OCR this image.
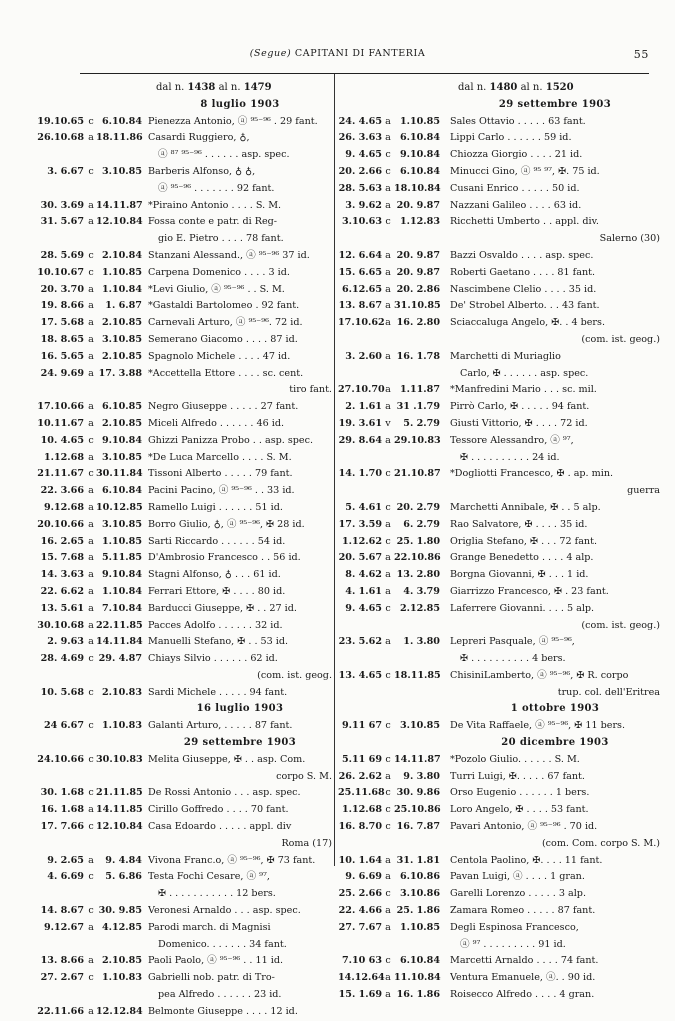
(Segue) CAPITANI DI FANTERIA	55
dal n. 1438 al n. 1479
8 luglio 1903
19.10.65 c 6.10.84 Pienezza Antonio, ⓐ ⁹⁵⁻⁹⁶ . 29 fant.
26.10.68 a 18.11.86 Casardi Ruggiero, ♁,
ⓐ ⁸⁷ ⁹⁵⁻⁹⁶ . . . . . . asp. spec.
3. 6.67 c 3.10.85 Barberis Alfonso, ♁ ♁,
ⓐ ⁹⁵⁻⁹⁶ . . . . . . . 92 fant.
30. 3.69 a 14.11.87 *Piraino Antonio . . . . S. M.
31. 5.67 a 12.10.84 Fossa conte e patr. di Reg-
gio E. Pietro . . . . 78 fant.
28. 5.69 c 2.10.84 Stanzani Alessand., ⓐ ⁹⁵⁻⁹⁶ 37 id.
10.10.67 c 1.10.85 Carpena Domenico . . . . 3 id.
20. 3.70 a 1.10.84 *Levi Giulio, ⓐ ⁹⁵⁻⁹⁶ . . S. M.
19. 8.66 a	1. 6.87 *Gastaldi Bartolomeo . 92 fant.
17. 5.68 a 2.10.85 Carnevali Arturo, ⓐ ⁹⁵⁻⁹⁶. 72 id.
18. 8.65 a 3.10.85 Semerano Giacomo . . . . 87 id.
16. 5.65 a 2.10.85 Spagnolo Michele . . . . 47 id.
24. 9.69 a 17. 3.88 *Accettella Ettore . . . . sc. cent.
tiro fant.
17.10.66 a 6.10.85 Negro Giuseppe . . . . . 27 fant.
10.11.67 a 2.10.85 Miceli Alfredo . . . . . . 46 id.
10. 4.65 c 9.10.84 Ghizzi Panizza Probo . . asp. spec.
1.12.68 a 3.10.85 *De Luca Marcello . . . . S. M.
21.11.67 c 30.11.84 Tissoni Alberto . . . . . 79 fant.
22. 3.66 a 6.10.84 Pacini Pacino, ⓐ ⁹⁵⁻⁹⁶ . . 33 id.
9.12.68 a 10.12.85 Ramello Luigi . . . . . . 51 id.
20.10.66 a 3.10.85 Borro Giulio, ♁, ⓐ ⁹⁵⁻⁹⁶, ✠ 28 id.
16. 2.65 a 1.10.85 Sarti Riccardo . . . . . . 54 id.
15. 7.68 a 5.11.85 D'Ambrosio Francesco . . 56 id.
14. 3.63 a 9.10.84 Stagni Alfonso, ♁ . . . 61 id.
22. 6.62 a 1.10.84 Ferrari Ettore, ✠ . . . . 80 id.
13. 5.61 a 7.10.84 Barducci Giuseppe, ✠ . . 27 id.
30.10.68 a 22.11.85 Pacces Adolfo . . . . . . 32 id.
2. 9.63 a 14.11.84 Manuelli Stefano, ✠ . . 53 id.
28. 4.69 c 29. 4.87 Chiays Silvio . . . . . . 62 id.
(com. ist. geog.
10. 5.68 c 2.10.83 Sardi Michele . . . . . 94 fant.
16 luglio 1903
24 6.67 c 1.10.83 Galanti Arturo, . . . . . 87 fant.
29 settembre 1903
24.10.66 c 30.10.83 Melita Giuseppe, ✠ . . asp. Com.
corpo S. M.
30. 1.68 c 21.11.85 De Rossi Antonio . . . asp. spec.
16. 1.68 a 14.11.85 Cirillo Goffredo . . . . 70 fant.
17. 7.66 c 12.10.84 Casa Edoardo . . . . . appl. div
Roma (17)
9. 2.65 a	9. 4.84 Vivona Franc.o, ⓐ ⁹⁵⁻⁹⁶, ✠ 73 fant.
4. 6.69 c	5. 6.86 Testa Fochi Cesare, ⓐ ⁹⁷,
✠ . . . . . . . . . . . 12 bers.
14. 8.67 c 30. 9.85 Veronesi Arnaldo . . . asp. spec.
9.12.67 a 4.12.85 Parodi march. di Magnisi
Domenico. . . . . . . 34 fant.
13. 8.66 a 2.10.85 Paoli Paolo, ⓐ ⁹⁵⁻⁹⁶ . . 11 id.
27. 2.67 c 1.10.83 Gabrielli nob. patr. di Tro-
pea Alfredo . . . . . . 23 id.
22.11.66 a 12.12.84 Belmonte Giuseppe . . . . 12 id.
dal n. 1480 al n. 1520
29 settembre 1903
24. 4.65 a 1.10.85 Sales Ottavio . . . . . 63 fant.
26. 3.63 a 6.10.84 Lippi Carlo . . . . . . 59 id.
9. 4.65 c 9.10.84 Chiozza Giorgio . . . . 21 id.
20. 2.66 c 6.10.84 Minucci Gino, ⓐ ⁹⁵ ⁹⁷, ✠. 75 id.
28. 5.63 a 18.10.84 Cusani Enrico . . . . . 50 id.
3. 9.62 a 20. 9.87 Nazzani Galileo . . . . 63 id.
3.10.63 c 1.12.83 Ricchetti Umberto . . appl. div.
Salerno (30)
12. 6.64 a 20. 9.87 Bazzi Osvaldo . . . . asp. spec.
15. 6.65 a 20. 9.87 Roberti Gaetano . . . . 81 fant.
6.12.65 a 20. 2.86 Nascimbene Clelio . . . . 35 id.
13. 8.67 a 31.10.85 De' Strobel Alberto. . . 43 fant.
17.10.62 a 16. 2.80 Sciaccaluga Angelo, ✠. . 4 bers.
(com. ist. geog.)
3. 2.60 a 16. 1.78 Marchetti di Muriaglio
Carlo, ✠ . . . . . . asp. spec.
27.10.70 a 1.11.87 *Manfredini Mario . . . sc. mil.
2. 1.61 a 31 .1.79 Pirrò Carlo, ✠ . . . . . 94 fant.
19. 3.61 v	5. 2.79 Giusti Vittorio, ✠ . . . . 72 id.
29. 8.64 a 29.10.83 Tessore Alessandro, ⓐ ⁹⁷,
✠ . . . . . . . . . . 24 id.
14. 1.70 c 21.10.87 *Dogliotti Francesco, ✠ . ap. min.
guerra
5. 4.61 c 20. 2.79 Marchetti Annibale, ✠ . . 5 alp.
17. 3.59 a	6. 2.79 Rao Salvatore, ✠ . . . . 35 id.
1.12.62 c 25. 1.80 Origlia Stefano, ✠ . . . 72 fant.
20. 5.67 a 22.10.86 Grange Benedetto . . . . 4 alp.
8. 4.62 a 13. 2.80 Borgna Giovanni, ✠ . . . 1 id.
4. 1.61 a	4. 3.79 Giarrizzo Francesco, ✠ . 23 fant.
9. 4.65 c 2.12.85 Laferrere Giovanni. . . . 5 alp.
(com. ist. geog.)
23. 5.62 a	1. 3.80 Lepreri Pasquale, ⓐ ⁹⁵⁻⁹⁶,
✠ . . . . . . . . . . 4 bers.
13. 4.65 c 18.11.85 ChisiniLamberto, ⓐ ⁹⁵⁻⁹⁶, ✠ R. corpo
trup. col. dell'Eritrea
1 ottobre 1903
9.11 67 c 3.10.85 De Vita Raffaele, ⓐ ⁹⁵⁻⁹⁶, ✠ 11 bers.
20 dicembre 1903
5.11 69 c 14.11.87 *Pozolo Giulio. . . . . . S. M.
26. 2.62 a	9. 3.80 Turri Luigi, ✠. . . . . 67 fant.
25.11.68 c 30. 9.86 Orso Eugenio . . . . . . 1 bers.
1.12.68 c 25.10.86 Loro Angelo, ✠ . . . . 53 fant.
16. 8.70 c 16. 7.87 Pavari Antonio, ⓐ ⁹⁵⁻⁹⁶ . 70 id.
(com. Com. corpo S. M.)
10. 1.64 a 31. 1.81 Centola Paolino, ✠. . . . 11 fant.
9. 6.69 a 6.10.86 Pavan Luigi, ⓐ . . . . 1 gran.
25. 2.66 c 3.10.86 Garelli Lorenzo . . . . . 3 alp.
22. 4.66 a 25. 1.86 Zamara Romeo . . . . . 87 fant.
27. 7.67 a 1.10.85 Degli Espinosa Francesco,
ⓐ ⁹⁷ . . . . . . . . . 91 id.
7.10 63 c 6.10.84 Marcetti Arnaldo . . . . 74 fant.
14.12.64 a 11.10.84 Ventura Emanuele, ⓐ. . 90 id.
15. 1.69 a 16. 1.86 Roisecco Alfredo . . . . 4 gran.
